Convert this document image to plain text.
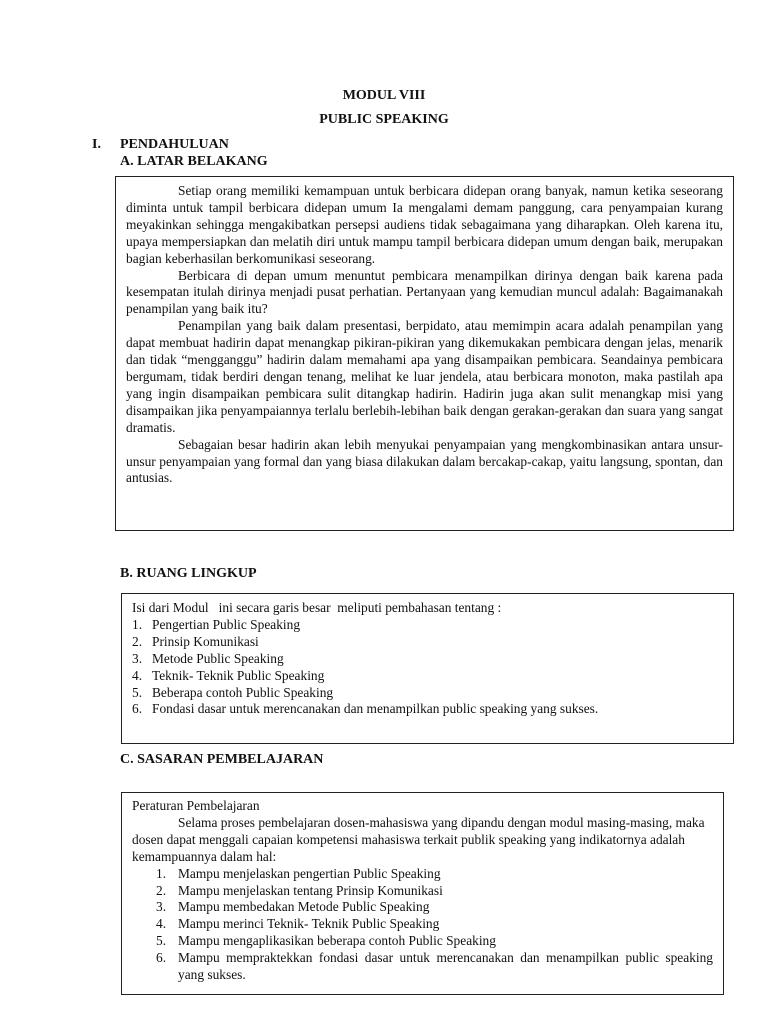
MODUL VIII
PUBLIC SPEAKING
I. PENDAHULUAN
A. LATAR BELAKANG

Setiap orang memiliki kemampuan untuk berbicara didepan orang banyak, namun ketika seseorang diminta untuk tampil berbicara didepan umum Ia mengalami demam panggung, cara penyampaian kurang meyakinkan sehingga mengakibatkan persepsi audiens tidak sebagaimana yang diharapkan. Oleh karena itu, upaya mempersiapkan dan melatih diri untuk mampu tampil berbicara didepan umum dengan baik, merupakan bagian keberhasilan berkomunikasi seseorang.

Berbicara di depan umum menuntut pembicara menampilkan dirinya dengan baik karena pada kesempatan itulah dirinya menjadi pusat perhatian. Pertanyaan yang kemudian muncul adalah: Bagaimanakah penampilan yang baik itu?

Penampilan yang baik dalam presentasi, berpidato, atau memimpin acara adalah penampilan yang dapat membuat hadirin dapat menangkap pikiran-pikiran yang dikemukakan pembicara dengan jelas, menarik dan tidak “mengganggu” hadirin dalam memahami apa yang disampaikan pembicara. Seandainya pembicara bergumam, tidak berdiri dengan tenang, melihat ke luar jendela, atau berbicara monoton, maka pastilah apa yang ingin disampaikan pembicara sulit ditangkap hadirin. Hadirin juga akan sulit menangkap misi yang disampaikan jika penyampaiannya terlalu berlebih-lebihan baik dengan gerakan-gerakan dan suara yang sangat dramatis.

Sebagaian besar hadirin akan lebih menyukai penyampaian yang mengkombinasikan antara unsur-unsur penyampaian yang formal dan yang biasa dilakukan dalam bercakap-cakap, yaitu langsung, spontan, dan antusias.

B. RUANG LINGKUP
Isi dari Modul   ini secara garis besar  meliputi pembahasan tentang :
1. Pengertian Public Speaking
2. Prinsip Komunikasi
3. Metode Public Speaking
4. Teknik- Teknik Public Speaking
5. Beberapa contoh Public Speaking
6. Fondasi dasar untuk merencanakan dan menampilkan public speaking yang sukses.
C. SASARAN PEMBELAJARAN
Peraturan Pembelajaran

Selama proses pembelajaran dosen-mahasiswa yang dipandu dengan modul masing-masing, maka dosen dapat menggali capaian kompetensi mahasiswa terkait publik speaking yang indikatornya adalah kemampuannya dalam hal:

1. Mampu menjelaskan pengertian Public Speaking
2. Mampu menjelaskan tentang Prinsip Komunikasi
3. Mampu membedakan Metode Public Speaking
4. Mampu merinci Teknik- Teknik Public Speaking
5. Mampu mengaplikasikan beberapa contoh Public Speaking
6. Mampu mempraktekkan fondasi dasar untuk merencanakan dan menampilkan public speaking yang sukses.
